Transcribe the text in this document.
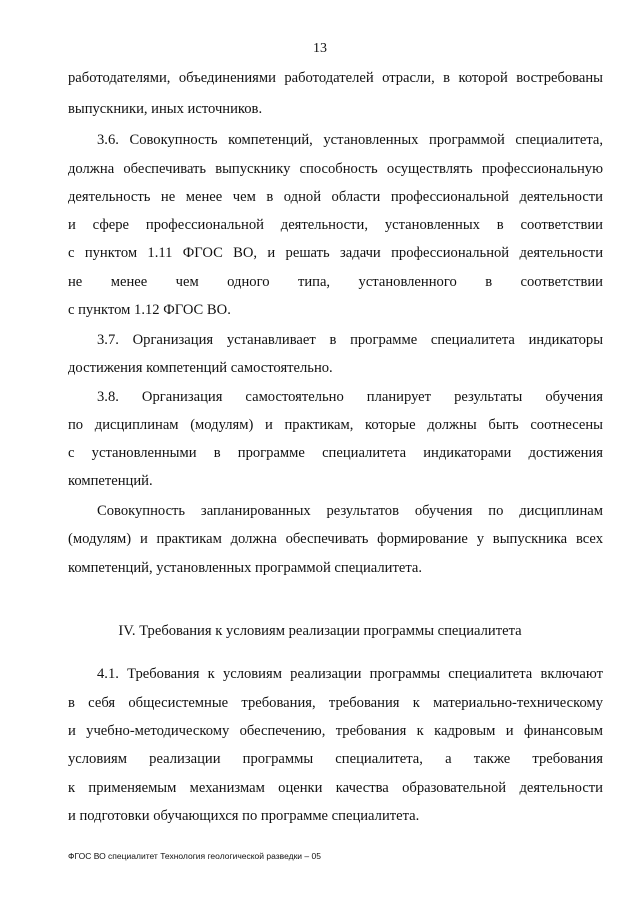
13
работодателями, объединениями работодателей отрасли, в которой востребованы
выпускники, иных источников.
3.6. Совокупность компетенций, установленных программой специалитета,
должна обеспечивать выпускнику способность осуществлять профессиональную
деятельность не менее чем в одной области профессиональной деятельности
и сфере профессиональной деятельности, установленных в соответствии
с пунктом 1.11 ФГОС ВО, и решать задачи профессиональной деятельности
не менее чем одного типа, установленного в соответствии
с пунктом 1.12 ФГОС ВО.
3.7. Организация устанавливает в программе специалитета индикаторы
достижения компетенций самостоятельно.
3.8. Организация самостоятельно планирует результаты обучения
по дисциплинам (модулям) и практикам, которые должны быть соотнесены
с установленными в программе специалитета индикаторами достижения
компетенций.
Совокупность запланированных результатов обучения по дисциплинам
(модулям) и практикам должна обеспечивать формирование у выпускника всех
компетенций, установленных программой специалитета.
IV. Требования к условиям реализации программы специалитета
4.1. Требования к условиям реализации программы специалитета включают
в себя общесистемные требования, требования к материально-техническому
и учебно-методическому обеспечению, требования к кадровым и финансовым
условиям реализации программы специалитета, а также требования
к применяемым механизмам оценки качества образовательной деятельности
и подготовки обучающихся по программе специалитета.
ФГОС ВО специалитет Технология геологической разведки – 05
